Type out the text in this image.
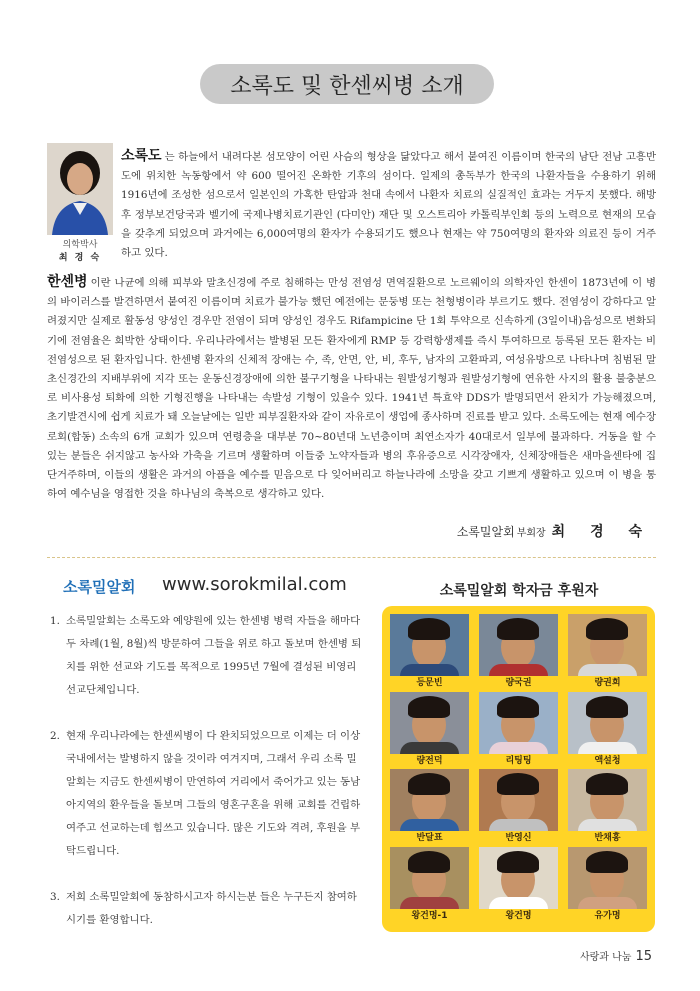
소록도 및 한센씨병 소개
의학박사
최 경 숙

소록도 는 하늘에서 내려다본 섬모양이 어린 사슴의 형상을 닮았다고 해서 붙여진 이름이며 한국의 남단 전남 고흥반도에 위치한 녹동항에서 약 600 떨어진 온화한 기후의 섬이다. 일제의 총독부가 한국의 나환자들을 수용하기 위해 1916년에 조성한 섬으로서 일본인의 가혹한 탄압과 천대 속에서 나환자 치료의 실질적인 효과는 거두지 못했다. 해방후 정부보건당국과 벨기에 국제나병치료기관인 (다미안) 재단 및 오스트리아 카톨릭부인회 등의 노력으로 현재의 모습을 갖추게 되었으며 과거에는 6,000여명의 환자가 수용되기도 했으나 현재는 약 750여명의 환자와 의료진 등이 거주하고 있다.

한센병 이란 나균에 의해 피부와 말초신경에 주로 침해하는 만성 전염성 면역질환으로 노르웨이의 의학자인 한센이 1873년에 이 병의 바이러스를 발견하면서 붙여진 이름이며 치료가 불가능 했던 예전에는 문둥병 또는 천형병이라 부르기도 했다. 전염성이 강하다고 알려졌지만 실제로 활동성 양성인 경우만 전염이 되며 양성인 경우도 Rifampicine 단 1회 투약으로 신속하게 (3일이내)음성으로 변화되기에 전염율은 희박한 상태이다. 우리나라에서는 발병된 모든 환자에게 RMP 등 강력항생제를 즉시 투여하므로 등록된 모든 환자는 비전염성으로 된 환자입니다. 한센병 환자의 신체적 장애는 수, 족, 안면, 안, 비, 후두, 남자의 고환파괴, 여성유방으로 나타나며 침범된 말초신경간의 지배부위에 지각 또는 운동신경장애에 의한 불구기형을 나타내는 원발성기형과 원발성기형에 연유한 사지의 활용 불충분으로 비사용성 퇴화에 의한 기형진행을 나타내는 속발성 기형이 있을수 있다. 1941년 특효약 DDS가 발명되면서 완치가 가능해졌으며, 초기발견시에 쉽게 치료가 돼 오늘날에는 일반 피부질환자와 같이 자유로이 생업에 종사하며 진료를 받고 있다. 소록도에는 현재 예수장로회(합동) 소속의 6개 교회가 있으며 연령층을 대부분 70~80년대 노년층이며 최연소자가 40대로서 일부에 불과하다. 거동을 할 수 있는 분들은 쉬지않고 농사와 가축을 기르며 생활하며 이들중 노약자들과 병의 후유증으로 시각장애자, 신체장애들은 새마을센타에 집단거주하며, 이들의 생활은 과거의 아픔을 예수를 믿음으로 다 잊어버리고 하늘나라에 소망을 갖고 기쁘게 생활하고 있으며 이 병을 통하여 예수님을 영접한 것을 하나님의 축복으로 생각하고 있다.

소록밀알회 부회장 최 경 숙
소록밀알회 www.sorokmilal.com
1. 소록밀알회는 소록도와 예양원에 있는 한센병 병력 자들을 해마다 두 차례(1월, 8월)씩 방문하여 그들을 위로 하고 돌보며 한센병 퇴치를 위한 선교와 기도를 목적으로 1995년 7월에 결성된 비영리 선교단체입니다.
2. 현재 우리나라에는 한센씨병이 다 완치되었으므로 이제는 더 이상 국내에서는 발병하지 않을 것이라 여겨지며, 그래서 우리 소록 밀알회는 지금도 한센씨병이 만연하여 거리에서 죽어가고 있는 동남아지역의 환우들을 돌보며 그들의 영혼구혼을 위해 교회를 건립하여주고 선교하는데 힘쓰고 있습니다. 많은 기도와 격려, 후원을 부탁드립니다.
3. 저희 소록밀알회에 동참하시고자 하시는분 들은 누구든지 참여하시기를 환영합니다.
소록밀알회 학자금 후원자
등문빈	량국권	량권희
량전덕	리팅팅	액설청
반달표	반영신	반채홍
왕건명-1	왕건명	유가명
사랑과 나눔 15
